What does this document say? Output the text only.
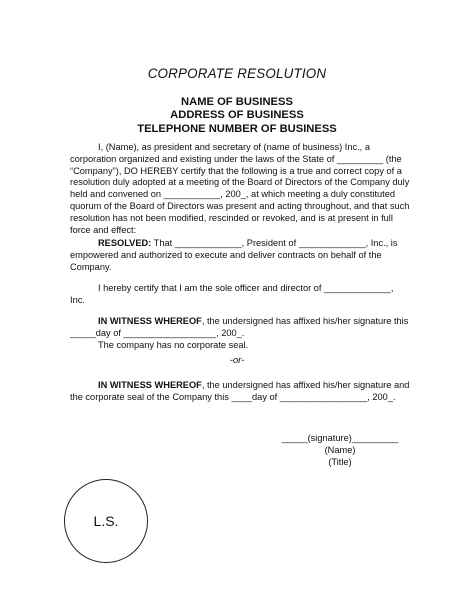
CORPORATE RESOLUTION
NAME OF BUSINESS
ADDRESS OF BUSINESS
TELEPHONE NUMBER OF BUSINESS

I, (Name), as president and secretary of (name of business) Inc., a corporation organized and existing under the laws of the State of _________ (the “Company”), DO HEREBY certify that the following is a true and correct copy of a resolution duly adopted at a meeting of the Board of Directors of the Company duly held and convened on ___________, 200_, at which meeting a duly constituted quorum of the Board of Directors was present and acting throughout, and that such resolution has not been modified, rescinded or revoked, and is at present in full force and effect:

RESOLVED: That _____________, President of _____________, Inc., is empowered and authorized to execute and deliver contracts on behalf of the Company.

I hereby certify that I am the sole officer and director of _____________, Inc.

IN WITNESS WHEREOF, the undersigned has affixed his/her signature this _____day of __________________, 200_.
The company has no corporate seal.

-or-

IN WITNESS WHEREOF, the undersigned has affixed his/her signature and the corporate seal of the Company this ____day of _________________, 200_.

_____(signature)_________
(Name)
(Title)
L.S.
